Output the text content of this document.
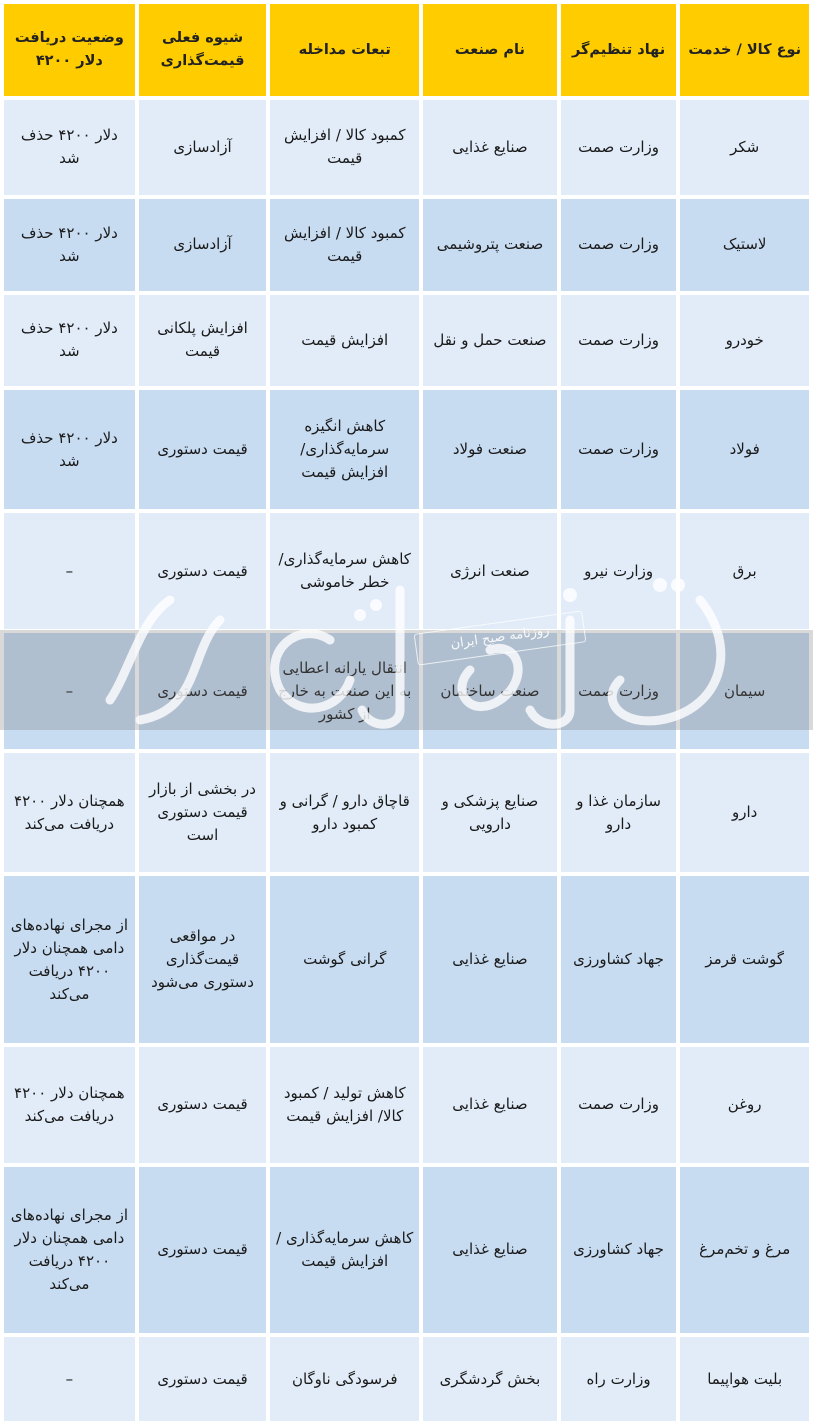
نوع کالا / خدمت	نهاد تنظیم‌گر	نام صنعت	تبعات مداخله	شیوه فعلی قیمت‌گذاری	وضعیت دریافت دلار ۴۲۰۰
شکر	وزارت صمت	صنایع غذایی	کمبود کالا / افزایش قیمت	آزادسازی	دلار ۴۲۰۰ حذف شد
لاستیک	وزارت صمت	صنعت پتروشیمی	کمبود کالا / افزایش قیمت	آزادسازی	دلار ۴۲۰۰ حذف شد
خودرو	وزارت صمت	صنعت حمل و نقل	افزایش قیمت	افزایش پلکانی قیمت	دلار ۴۲۰۰ حذف شد
فولاد	وزارت صمت	صنعت فولاد	کاهش انگیزه سرمایه‌گذاری/ افزایش قیمت	قیمت دستوری	دلار ۴۲۰۰ حذف شد
برق	وزارت نیرو	صنعت انرژی	کاهش سرمایه‌گذاری/ خطر خاموشی	قیمت دستوری	–
سیمان	وزارت صمت	صنعت ساختمان	انتقال یارانه اعطایی به این صنعت به خارج از کشور	قیمت دستوری	–
دارو	سازمان غذا و دارو	صنایع پزشکی و دارویی	قاچاق دارو / گرانی و کمبود دارو	در بخشی از بازار قیمت دستوری است	همچنان دلار ۴۲۰۰ دریافت می‌کند
گوشت قرمز	جهاد کشاورزی	صنایع غذایی	گرانی گوشت	در مواقعی قیمت‌گذاری دستوری می‌شود	از مجرای نهاده‌های دامی همچنان دلار ۴۲۰۰ دریافت می‌کند
روغن	وزارت صمت	صنایع غذایی	کاهش تولید / کمبود کالا/ افزایش قیمت	قیمت دستوری	همچنان دلار ۴۲۰۰ دریافت می‌کند
مرغ و تخم‌مرغ	جهاد کشاورزی	صنایع غذایی	کاهش سرمایه‌گذاری / افزایش قیمت	قیمت دستوری	از مجرای نهاده‌های دامی همچنان دلار ۴۲۰۰ دریافت می‌کند
بلیت هواپیما	وزارت راه	بخش گردشگری	فرسودگی ناوگان	قیمت دستوری	–
روزنامه صبح ایران
